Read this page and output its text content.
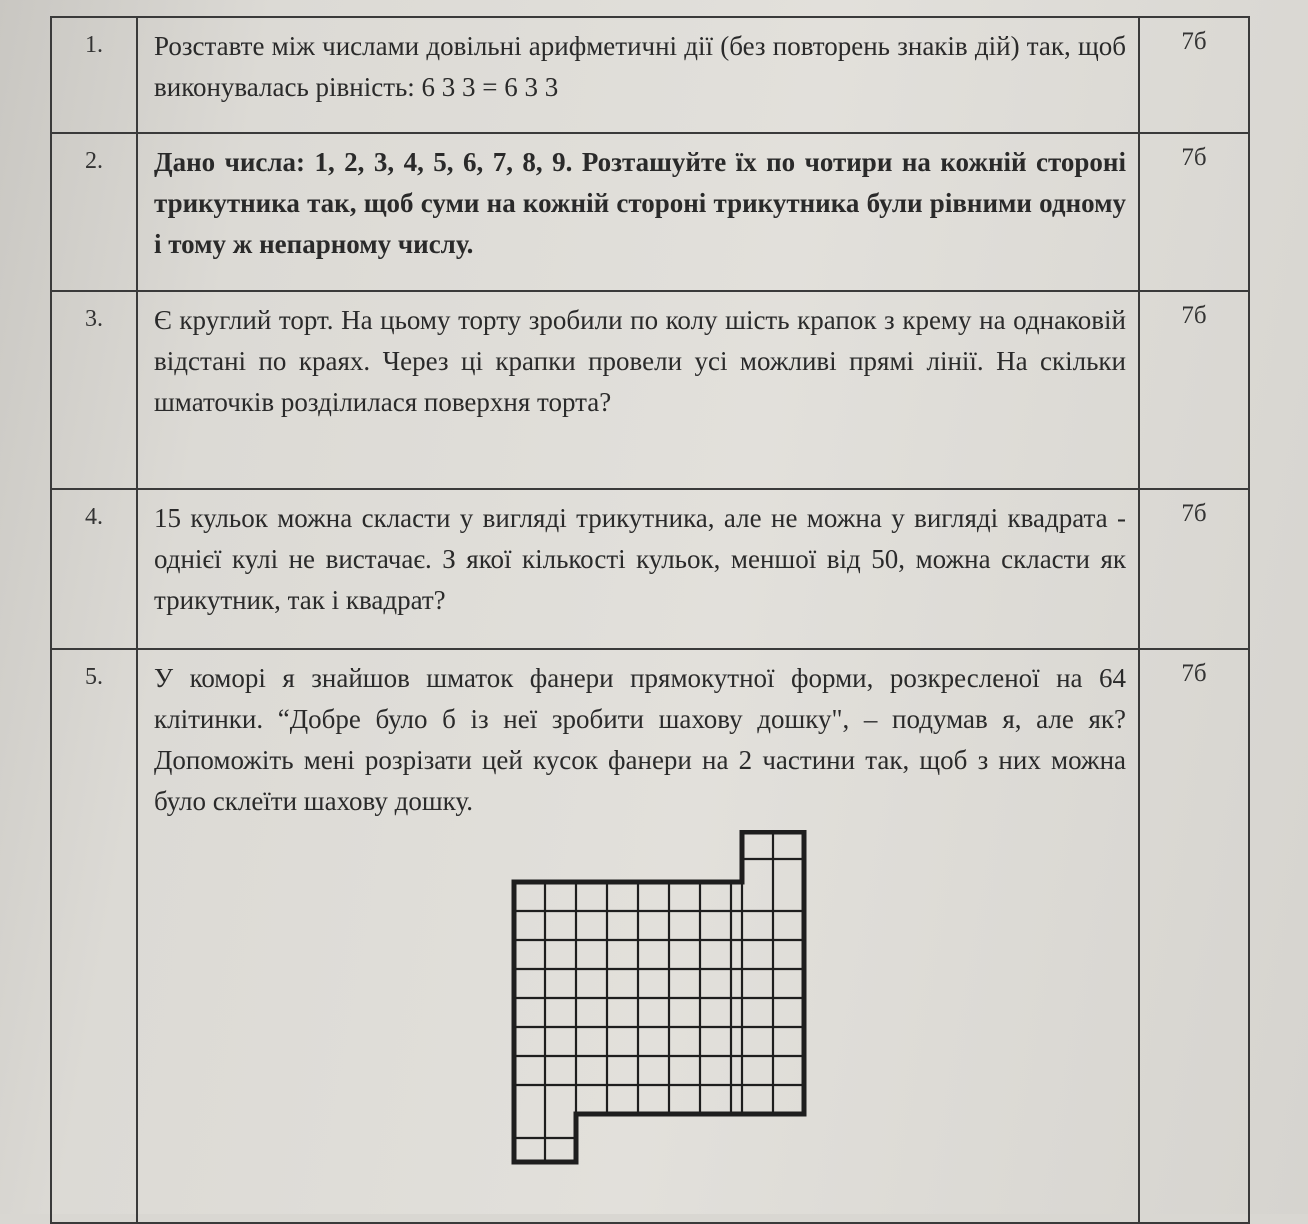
1.	Розставте між числами довільні арифметичні дії (без повторень знаків дій) так, щоб виконувалась рівність: 6 3 3 = 6 3 3	7б
2.	Дано числа: 1, 2, 3, 4, 5, 6, 7, 8, 9. Розташуйте їх по чотири на кожній стороні трикутника так, щоб суми на кожній стороні трикутника були рівними одному і тому ж непарному числу.	7б
3.	Є круглий торт. На цьому торту зробили по колу шість крапок з крему на однаковій відстані по краях. Через ці крапки провели усі можливі прямі лінії. На скільки шматочків розділилася поверхня торта?	7б
4.	15 кульок можна скласти у вигляді трикутника, але не можна у вигляді квадрата - однієї кулі не вистачає. З якої кількості кульок, меншої від 50, можна скласти як трикутник, так і квадрат?	7б
5.	У коморі я знайшов шматок фанери прямокутної форми, розкресленої на 64 клітинки. “Добре було б із неї зробити шахову дошку", – подумав я, але як? Допоможіть мені розрізати цей кусок фанери на 2 частини так, щоб з них можна було склеїти шахову дошку.	7б
